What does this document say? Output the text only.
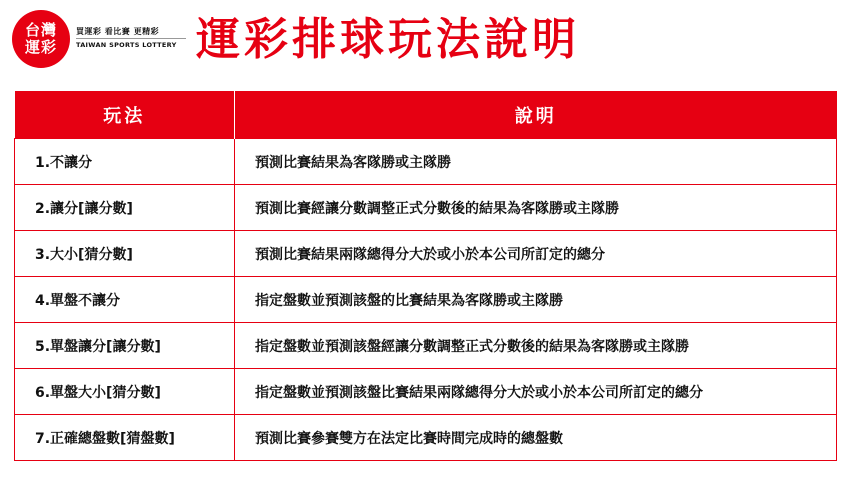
台灣
運彩
買運彩 看比賽 更精彩
TAIWAN SPORTS LOTTERY 運彩排球玩法說明
玩法	說明
1.不讓分	預測比賽結果為客隊勝或主隊勝
2.讓分[讓分數]	預測比賽經讓分數調整正式分數後的結果為客隊勝或主隊勝
3.大小[猜分數]	預測比賽結果兩隊總得分大於或小於本公司所訂定的總分
4.單盤不讓分	指定盤數並預測該盤的比賽結果為客隊勝或主隊勝
5.單盤讓分[讓分數]	指定盤數並預測該盤經讓分數調整正式分數後的結果為客隊勝或主隊勝
6.單盤大小[猜分數]	指定盤數並預測該盤比賽結果兩隊總得分大於或小於本公司所訂定的總分
7.正確總盤數[猜盤數]	預測比賽參賽雙方在法定比賽時間完成時的總盤數
